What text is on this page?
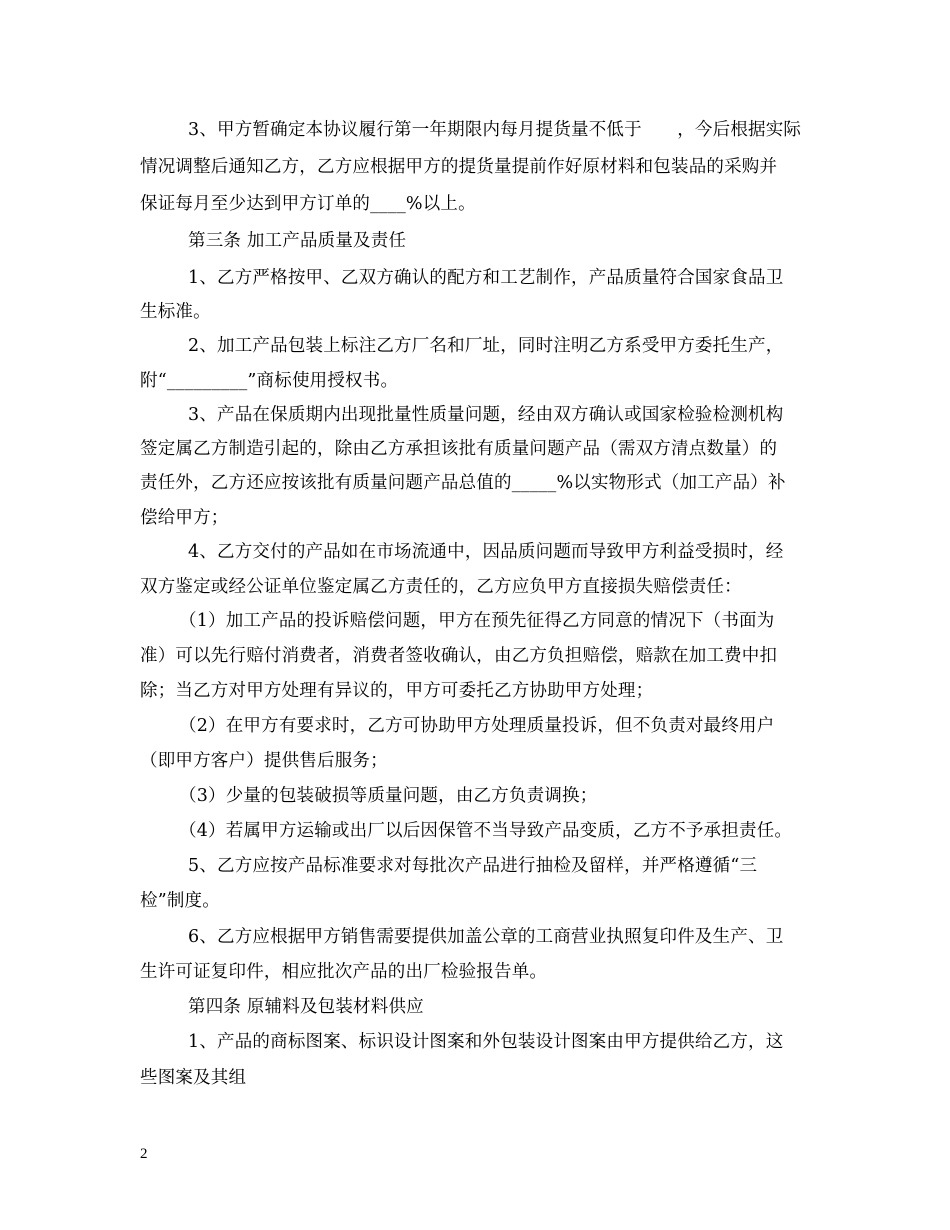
3、甲方暂确定本协议履行第一年期限内每月提货量不低于　　，今后根据实际
情况调整后通知乙方，乙方应根据甲方的提货量提前作好原材料和包装品的采购并
保证每月至少达到甲方订单的____%以上。
第三条 加工产品质量及责任
1、乙方严格按甲、乙双方确认的配方和工艺制作，产品质量符合国家食品卫
生标准。
2、加工产品包装上标注乙方厂名和厂址，同时注明乙方系受甲方委托生产，
附“_________”商标使用授权书。
3、产品在保质期内出现批量性质量问题，经由双方确认或国家检验检测机构
签定属乙方制造引起的，除由乙方承担该批有质量问题产品（需双方清点数量）的
责任外，乙方还应按该批有质量问题产品总值的_____%以实物形式（加工产品）补
偿给甲方；
4、乙方交付的产品如在市场流通中，因品质问题而导致甲方利益受损时，经
双方鉴定或经公证单位鉴定属乙方责任的，乙方应负甲方直接损失赔偿责任：
（1）加工产品的投诉赔偿问题，甲方在预先征得乙方同意的情况下（书面为
准）可以先行赔付消费者，消费者签收确认，由乙方负担赔偿，赔款在加工费中扣
除；当乙方对甲方处理有异议的，甲方可委托乙方协助甲方处理；
（2）在甲方有要求时，乙方可协助甲方处理质量投诉，但不负责对最终用户
（即甲方客户）提供售后服务；
（3）少量的包装破损等质量问题，由乙方负责调换；
（4）若属甲方运输或出厂以后因保管不当导致产品变质，乙方不予承担责任。
5、乙方应按产品标准要求对每批次产品进行抽检及留样，并严格遵循“三
检”制度。
6、乙方应根据甲方销售需要提供加盖公章的工商营业执照复印件及生产、卫
生许可证复印件，相应批次产品的出厂检验报告单。
第四条 原辅料及包装材料供应
1、产品的商标图案、标识设计图案和外包装设计图案由甲方提供给乙方，这
些图案及其组
2
